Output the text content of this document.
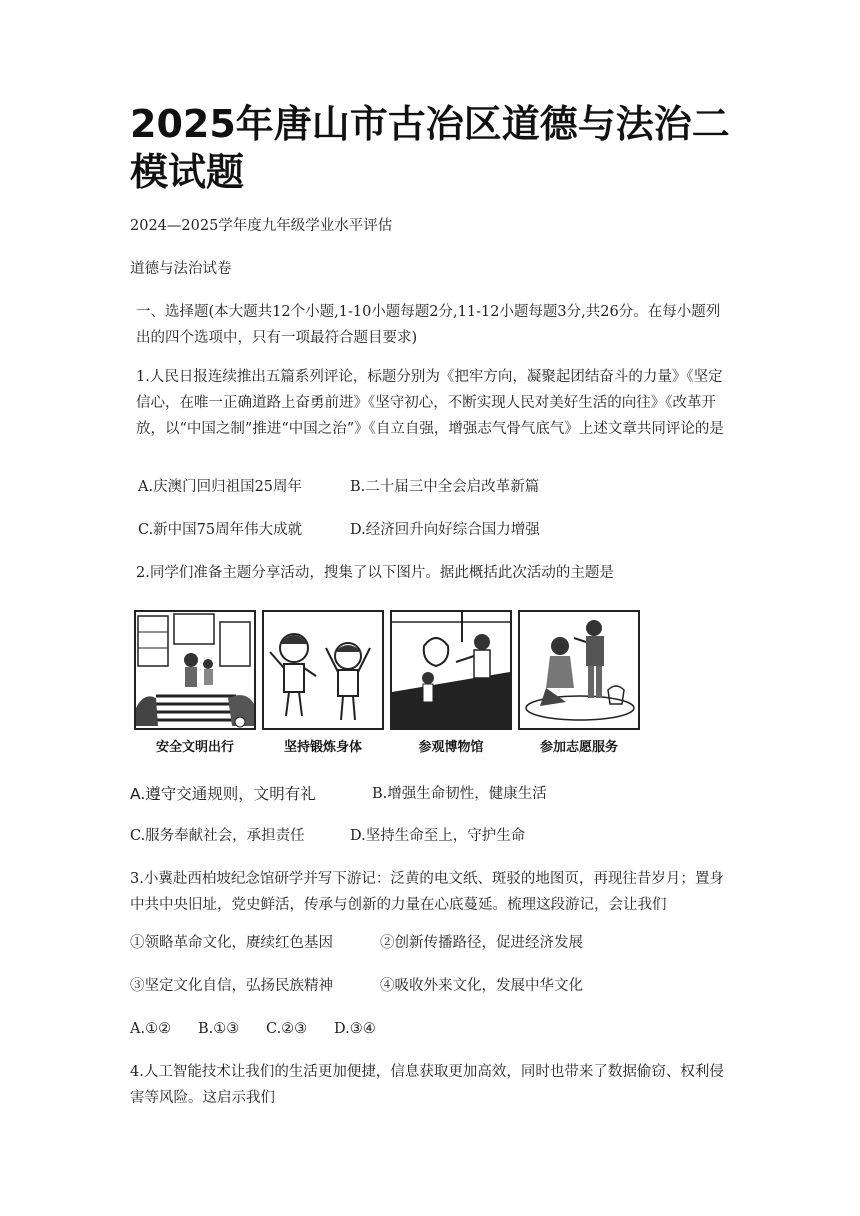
2025年唐山市古冶区道德与法治二模试题
2024—2025学年度九年级学业水平评估
道德与法治试卷
一、选择题(本大题共12个小题,1-10小题每题2分,11-12小题每题3分,共26分。在每小题列出的四个选项中，只有一项最符合题目要求)
1.人民日报连续推出五篇系列评论，标题分别为《把牢方向，凝聚起团结奋斗的力量》《坚定信心，在唯一正确道路上奋勇前进》《坚守初心，不断实现人民对美好生活的向往》《改革开放，以“中国之制”推进“中国之治”》《自立自强，增强志气骨气底气》上述文章共同评论的是
A.庆澳门回归祖国25周年	B.二十届三中全会启改革新篇
C.新中国75周年伟大成就	D.经济回升向好综合国力增强
2.同学们准备主题分享活动，搜集了以下图片。据此概括此次活动的主题是
安全文明出行	坚持锻炼身体	参观博物馆	参加志愿服务
A.遵守交通规则，文明有礼	B.增强生命韧性，健康生活
C.服务奉献社会，承担责任	D.坚持生命至上，守护生命
3.小冀赴西柏坡纪念馆研学并写下游记：泛黄的电文纸、斑驳的地图页，再现往昔岁月；置身中共中央旧址，党史鲜活，传承与创新的力量在心底蔓延。梳理这段游记，会让我们
①领略革命文化，赓续红色基因	②创新传播路径，促进经济发展
③坚定文化自信，弘扬民族精神	④吸收外来文化，发展中华文化
A.①② B.①③ C.②③ D.③④
4.人工智能技术让我们的生活更加便捷，信息获取更加高效，同时也带来了数据偷窃、权利侵害等风险。这启示我们
